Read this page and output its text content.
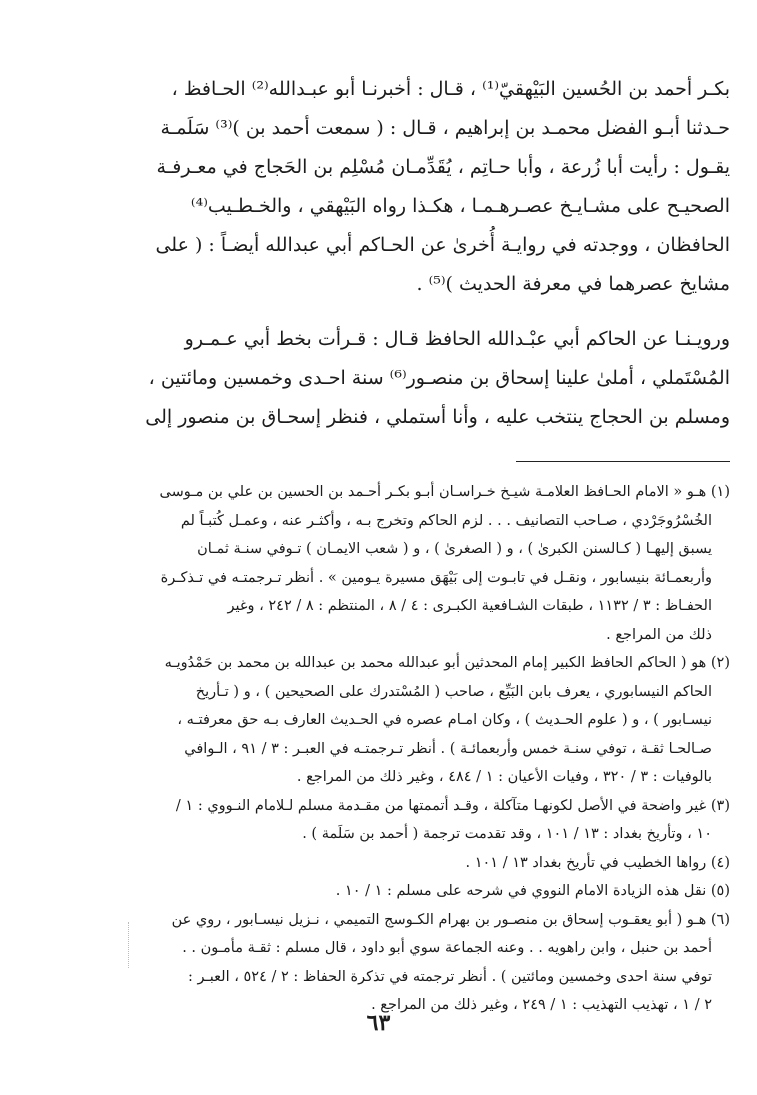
بكـر أحمد بن الحُسين البَيْهقيّ⁽¹⁾ ، قـال : أخبرنـا أبو عبـدالله⁽²⁾ الحـافظ ،
حـدثنا أبـو الفضل محمـد بن إبراهيم ، قـال : ( سمعت أحمد بن )⁽³⁾ سَلَمـة
يقـول : رأيت أبا زُرعة ، وأبا حـاتِم ، يُقَدِّمـان مُسْلِم بن الحَجاج في معـرفـة
الصحيـح على مشـايـخ عصـرهـمـا ، هكـذا رواه البَيْهقي ، والخـطـيب⁽⁴⁾
الحافظان ، ووجدته في روايـة أُخرىٰ عن الحـاكم أبي عبدالله أيضـاً : ( على
مشايخ عصرهما في معرفة الحديث )⁽⁵⁾ .
ورويـنـا عن الحاكم أبي عبْـدالله الحافظ قـال : قـرأت بخط أبي عـمـرو
المُسْتَملي ، أملىٰ علينا إسحاق بن منصـور⁽⁶⁾ سنة احـدى وخمسين ومائتين ،
ومسلم بن الحجاج ينتخب عليه ، وأنا أستملي ، فنظر إسحـاق بن منصور إلى
(١) هـو « الامام الحـافظ العلامـة شيـخ خـراسـان أبـو بكـر أحـمد بن الحسين بن علي بن مـوسى
الخُسْرُوجَرْدي ، صـاحب التصانيف . . . لزم الحاكم وتخرج بـه ، وأكثـر عنه ، وعمـل كُتبـاً لم
يسبق إليهـا ( كـالسنن الكبرىٰ ) ، و ( الصغرىٰ ) ، و ( شعب الايمـان ) تـوفي سنـة ثمـان
وأربعمـائة بنيسابور ، ونقـل في تابـوت إلى بَيْهَق مسيرة يـومين » . أنظر تـرجمتـه في تـذكـرة
الحفـاظ : ٣ / ١١٣٢ ، طبقات الشـافعية الكبـرى : ٤ / ٨ ، المنتظم : ٨ / ٢٤٢ ، وغير
ذلك من المراجع .
(٢) هو ( الحاكم الحافظ الكبير إمام المحدثين أبو عبدالله محمد بن عبدالله بن محمد بن حَمْدُويـه
الحاكم النيسابوري ، يعرف بابن البَيِّع ، صاحب ( المُسْتدرك على الصحيحين ) ، و ( تـأريخ
نيسـابور ) ، و ( علوم الحـديث ) ، وكان امـام عصره في الحـديث العارف بـه حق معرفتـه ،
صـالحـا ثقـة ، توفي سنـة خمس وأربعمائـة ) . أنظر تـرجمتـه في العبـر : ٣ / ٩١ ، الـوافي
بالوفيات : ٣ / ٣٢٠ ، وفيات الأعيان : ١ / ٤٨٤ ، وغير ذلك من المراجع .
(٣) غير واضحة في الأصل لكونهـا متآكلة ، وقـد أتممتها من مقـدمة مسلم لـلامام النـووي : ١ /
١٠ ، وتأريخ بغداد : ١٣ / ١٠١ ، وقد تقدمت ترجمة ( أحمد بن سَلَمة ) .
(٤) رواها الخطيب في تأريخ بغداد ١٣ / ١٠١ .
(٥) نقل هذه الزيادة الامام النووي في شرحه على مسلم : ١ / ١٠ .
(٦) هـو ( أبو يعقـوب إسحاق بن منصـور بن بهرام الكـوسج التميمي ، نـزيل نيسـابور ، روي عن
أحمد بن حنبل ، وابن راهويه . . وعنه الجماعة سوي أبو داود ، قال مسلم : ثقـة مأمـون . .
توفي سنة احدى وخمسين ومائتين ) . أنظر ترجمته في تذكرة الحفاظ : ٢ / ٥٢٤ ، العبـر :
٢ / ١ ، تهذيب التهذيب : ١ / ٢٤٩ ، وغير ذلك من المراجع .
٦٣
